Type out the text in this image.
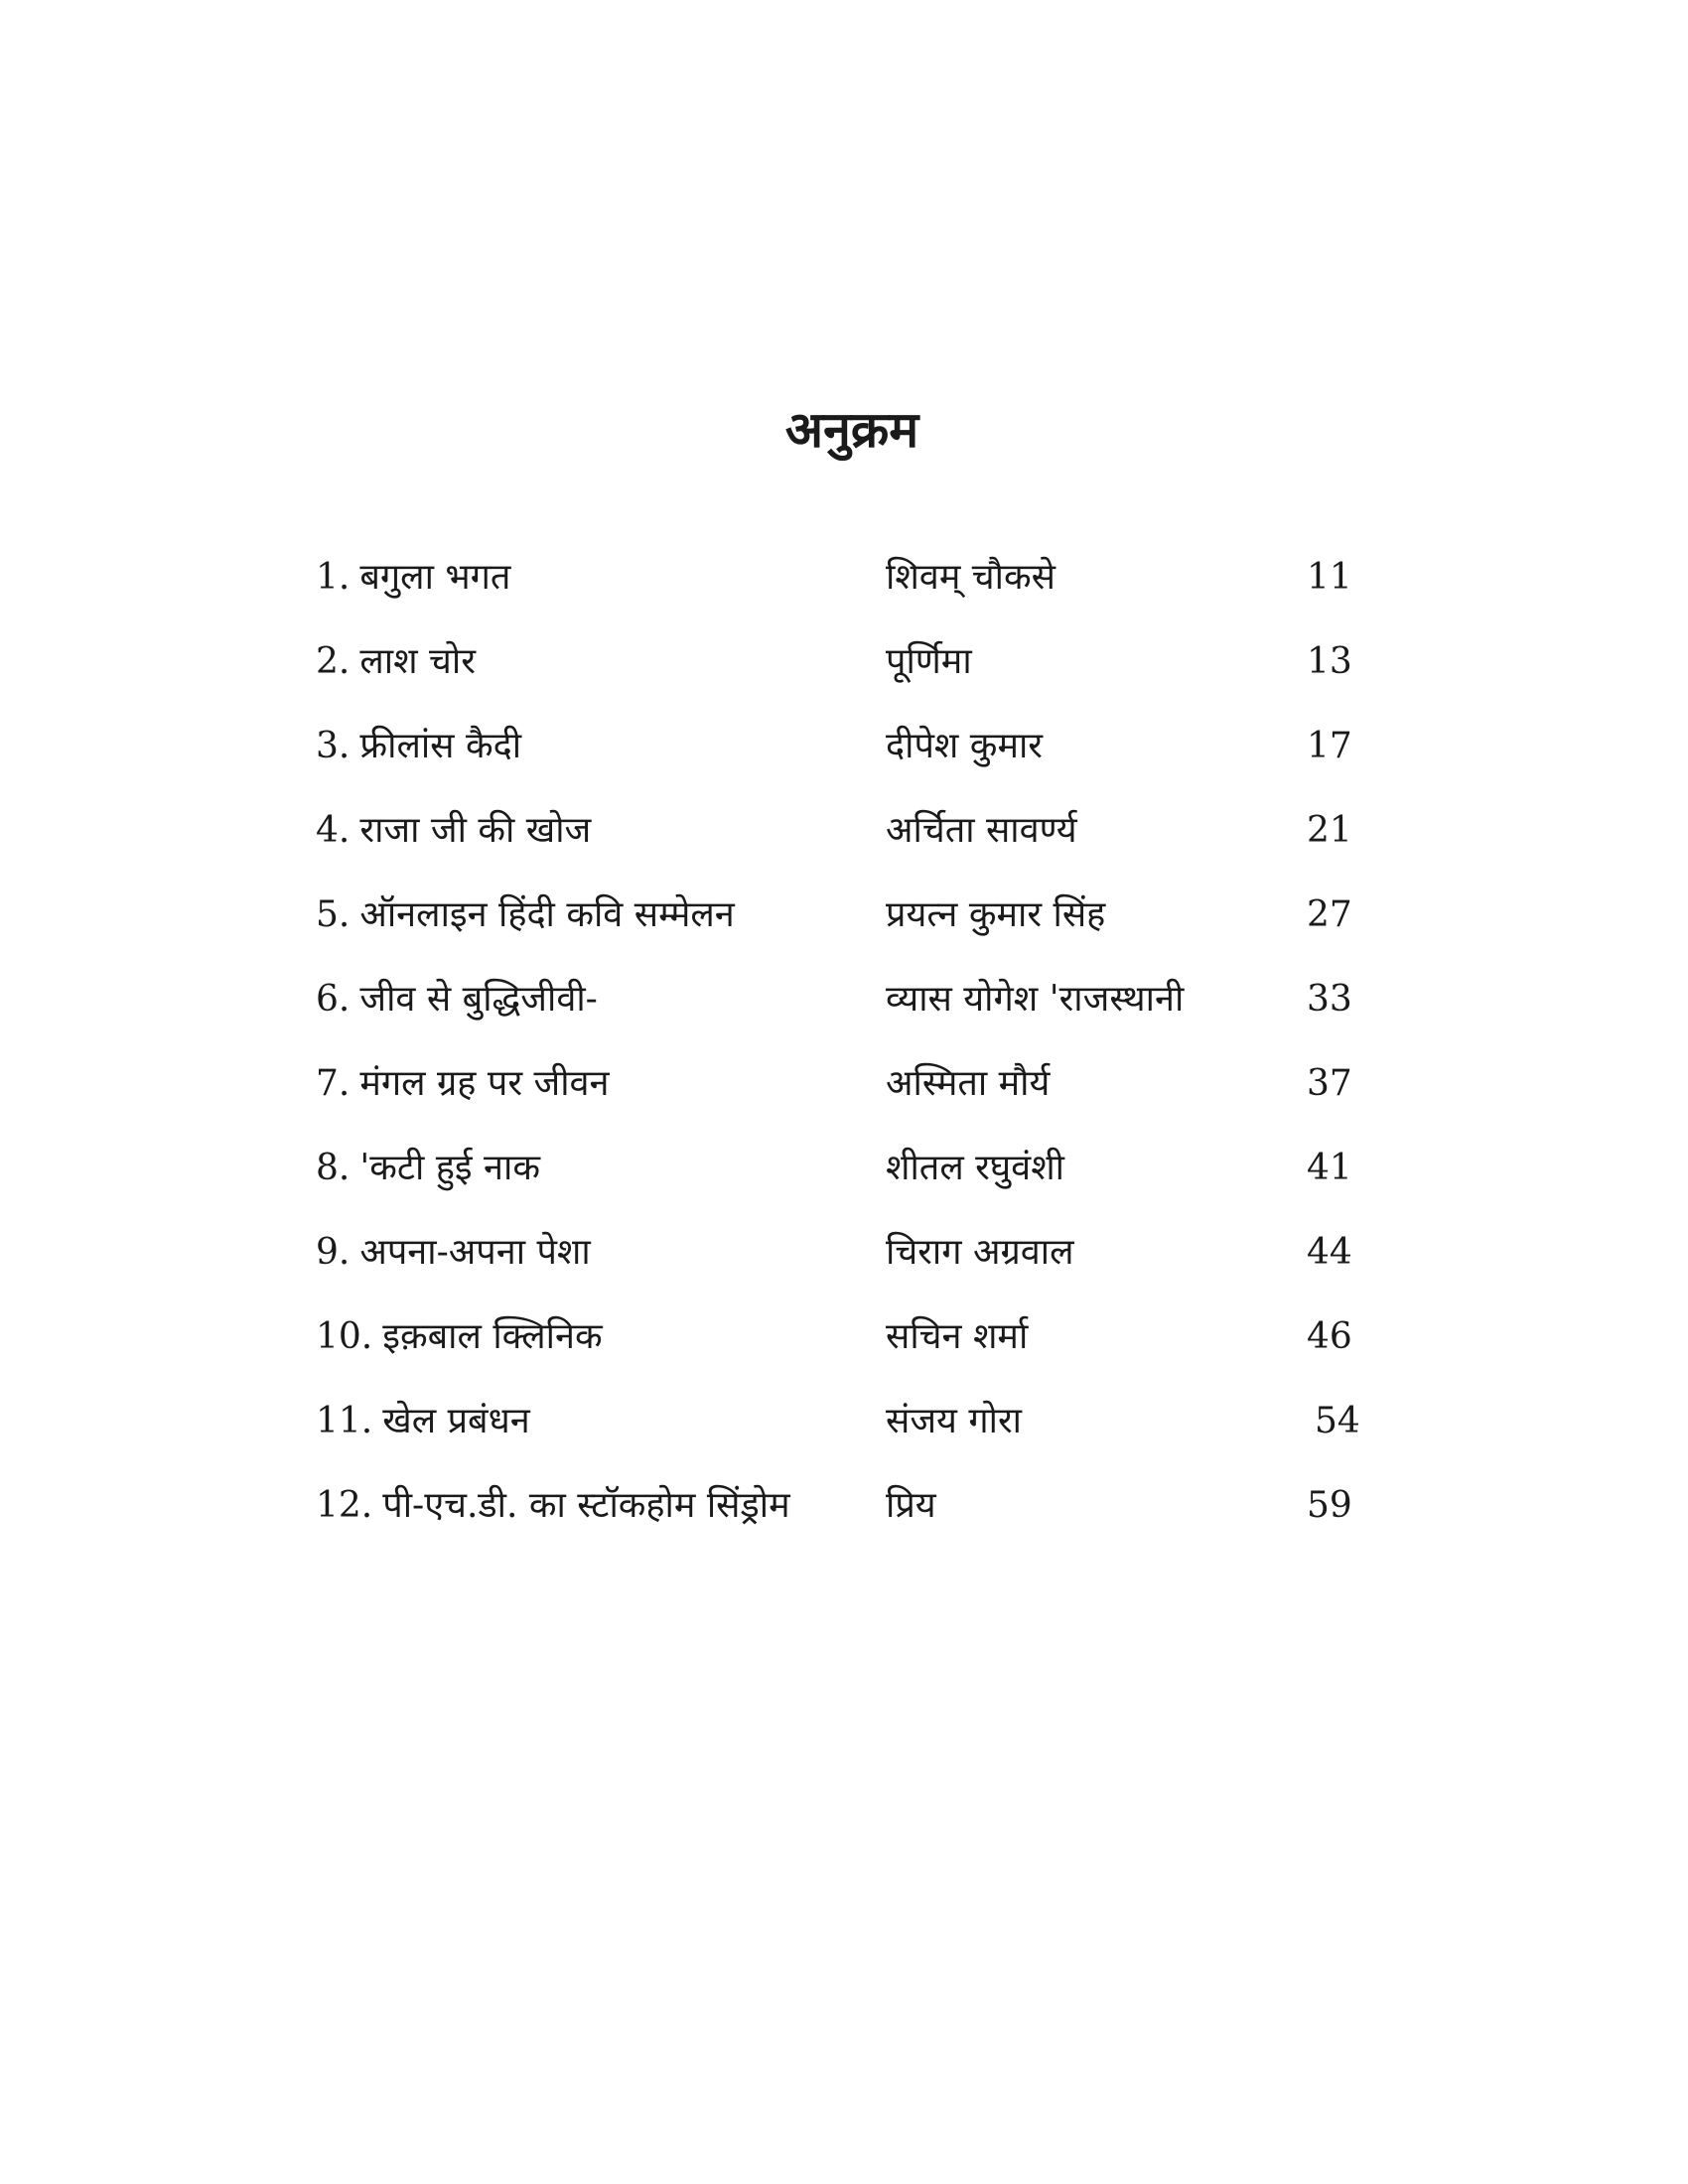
अनुक्रम
1. बगुला भगत	शिवम् चौकसे	11
2. लाश चोर	पूर्णिमा	13
3. फ्रीलांस कैदी	दीपेश कुमार	17
4. राजा जी की खोज	अर्चिता सावर्ण्य	21
5. ऑनलाइन हिंदी कवि सम्मेलन	प्रयत्न कुमार सिंह	27
6. जीव से बुद्धिजीवी-	व्यास योगेश 'राजस्थानी	33
7. मंगल ग्रह पर जीवन	अस्मिता मौर्य	37
8. 'कटी हुई नाक	शीतल रघुवंशी	41
9. अपना-अपना पेशा	चिराग अग्रवाल	44
10. इक़बाल क्लिनिक	सचिन शर्मा	46
11. खेल प्रबंधन	संजय गोरा	54
12. पी-एच.डी. का स्टॉकहोम सिंड्रोम	प्रिय	59
